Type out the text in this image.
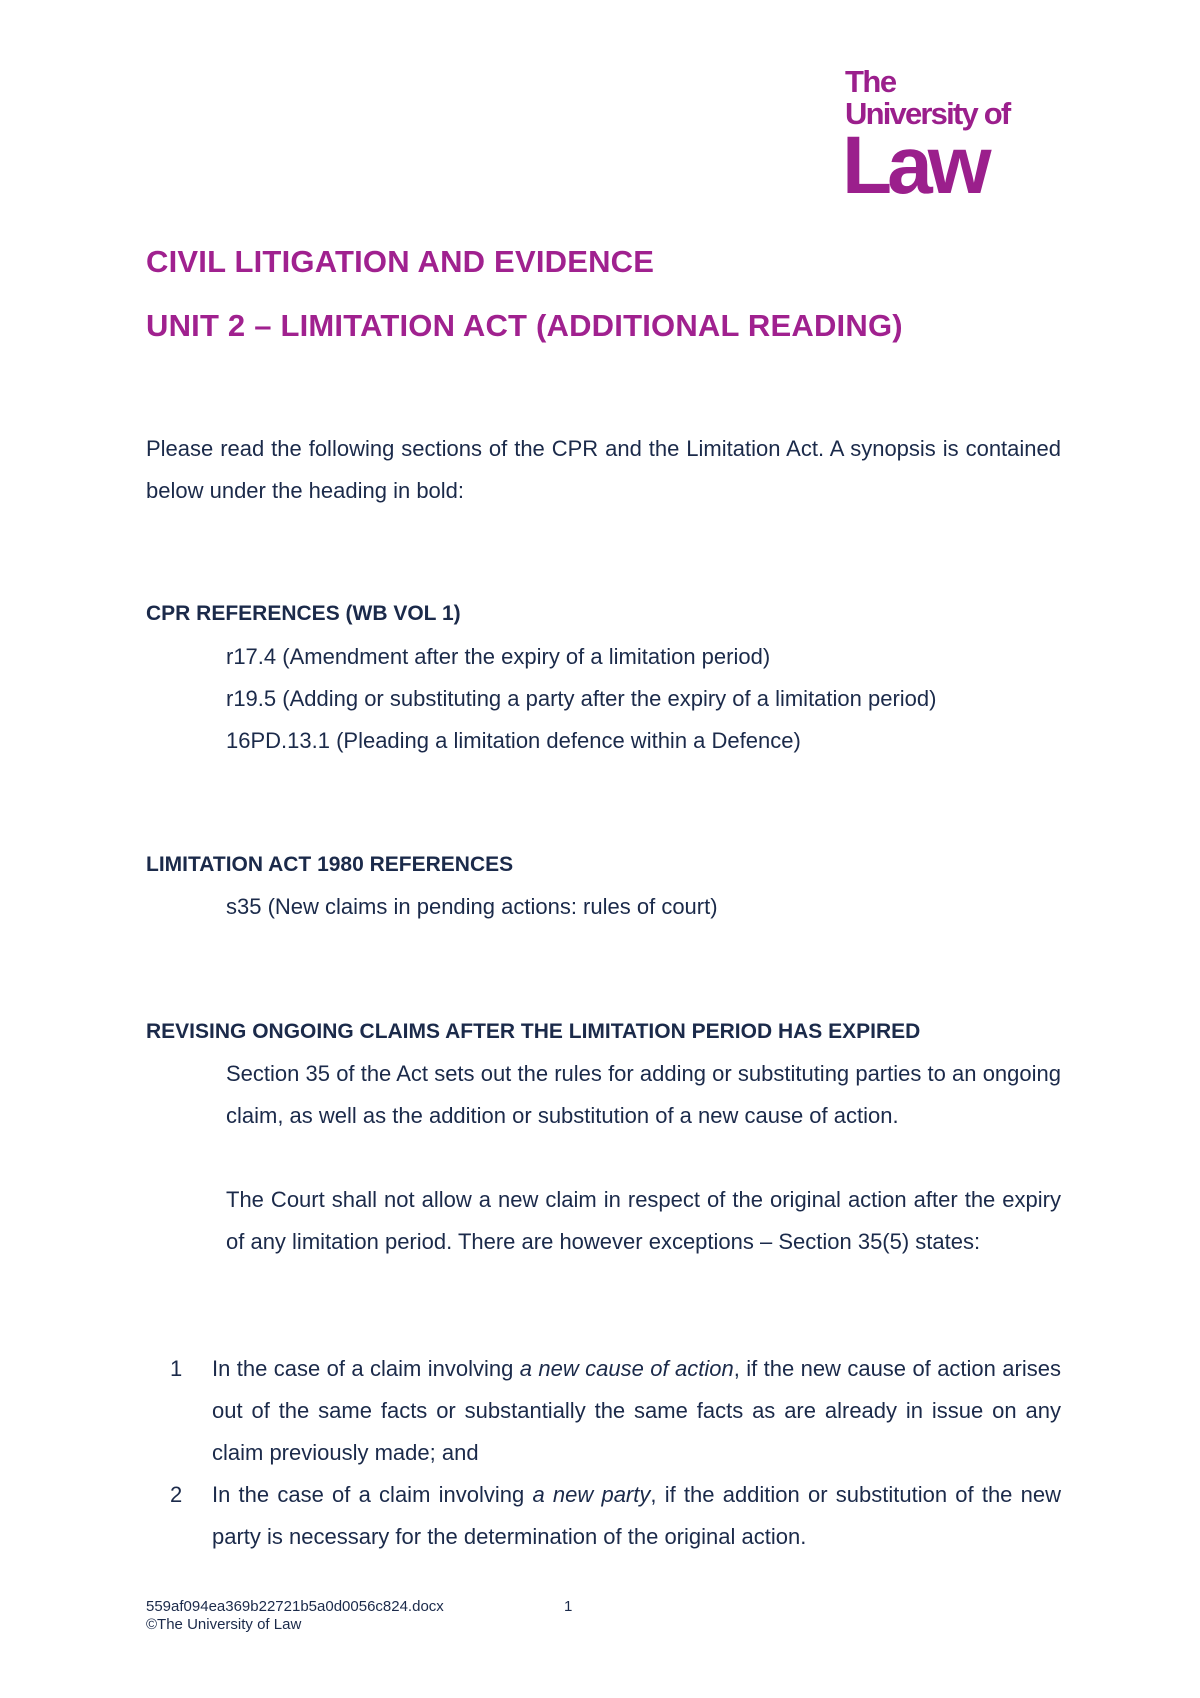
The
University of
Law
CIVIL LITIGATION AND EVIDENCE
UNIT 2 – LIMITATION ACT (ADDITIONAL READING)
Please read the following sections of the CPR and the Limitation Act. A synopsis is contained below under the heading in bold:
CPR REFERENCES (WB VOL 1)
r17.4 (Amendment after the expiry of a limitation period)
r19.5 (Adding or substituting a party after the expiry of a limitation period)
16PD.13.1 (Pleading a limitation defence within a Defence)
LIMITATION ACT 1980 REFERENCES
s35 (New claims in pending actions: rules of court)
REVISING ONGOING CLAIMS AFTER THE LIMITATION PERIOD HAS EXPIRED
Section 35 of the Act sets out the rules for adding or substituting parties to an ongoing claim, as well as the addition or substitution of a new cause of action.
The Court shall not allow a new claim in respect of the original action after the expiry of any limitation period. There are however exceptions – Section 35(5) states:
1	In the case of a claim involving a new cause of action, if the new cause of action arises out of the same facts or substantially the same facts as are already in issue on any claim previously made; and
2	In the case of a claim involving a new party, if the addition or substitution of the new party is necessary for the determination of the original action.
559af094ea369b22721b5a0d0056c824.docx
©The University of Law
1
